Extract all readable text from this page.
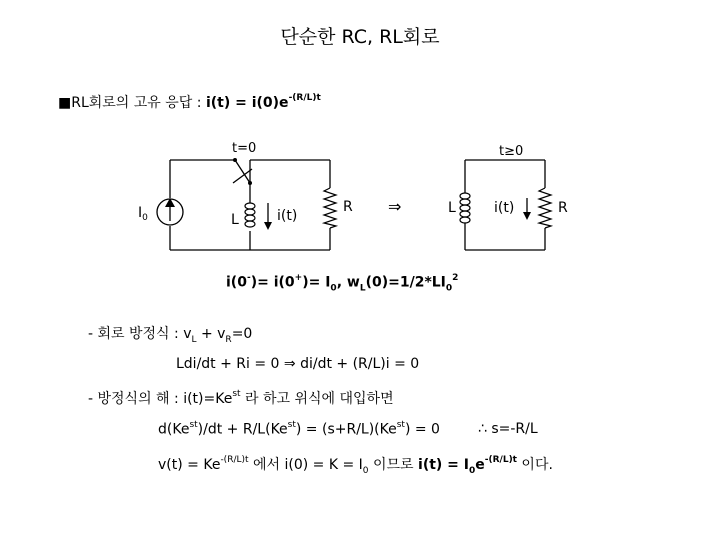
단순한 RC, RL회로
■RL회로의 고유 응답 : $i(t) = i(0)e^{-(R/L)t}$
t=0	t≥0
$I_0$	L	i(t)
R ⇒	L	i(t)	R
$i(0^-)= i(0^+)= I_0$, $w_L(0)=1/2*LI_0^2$
- 회로 방정식 : $v_L + v_R=0$
Ldi/dt + Ri = 0 ⇒ di/dt + (R/L)i = 0
- 방정식의 해 : $i(t)=Ke^{st}$ 라 하고 위식에 대입하면
$d(Ke^{st})/dt + R/L(Ke^{st}) = (s+R/L)(Ke^{st}) = 0$	∴ s=-R/L
$v(t) = Ke^{-(R/L)t}$ 에서 $i(0) = K = I_0$ 이므로 $i(t) = I_0e^{-(R/L)t}$ 이다.
